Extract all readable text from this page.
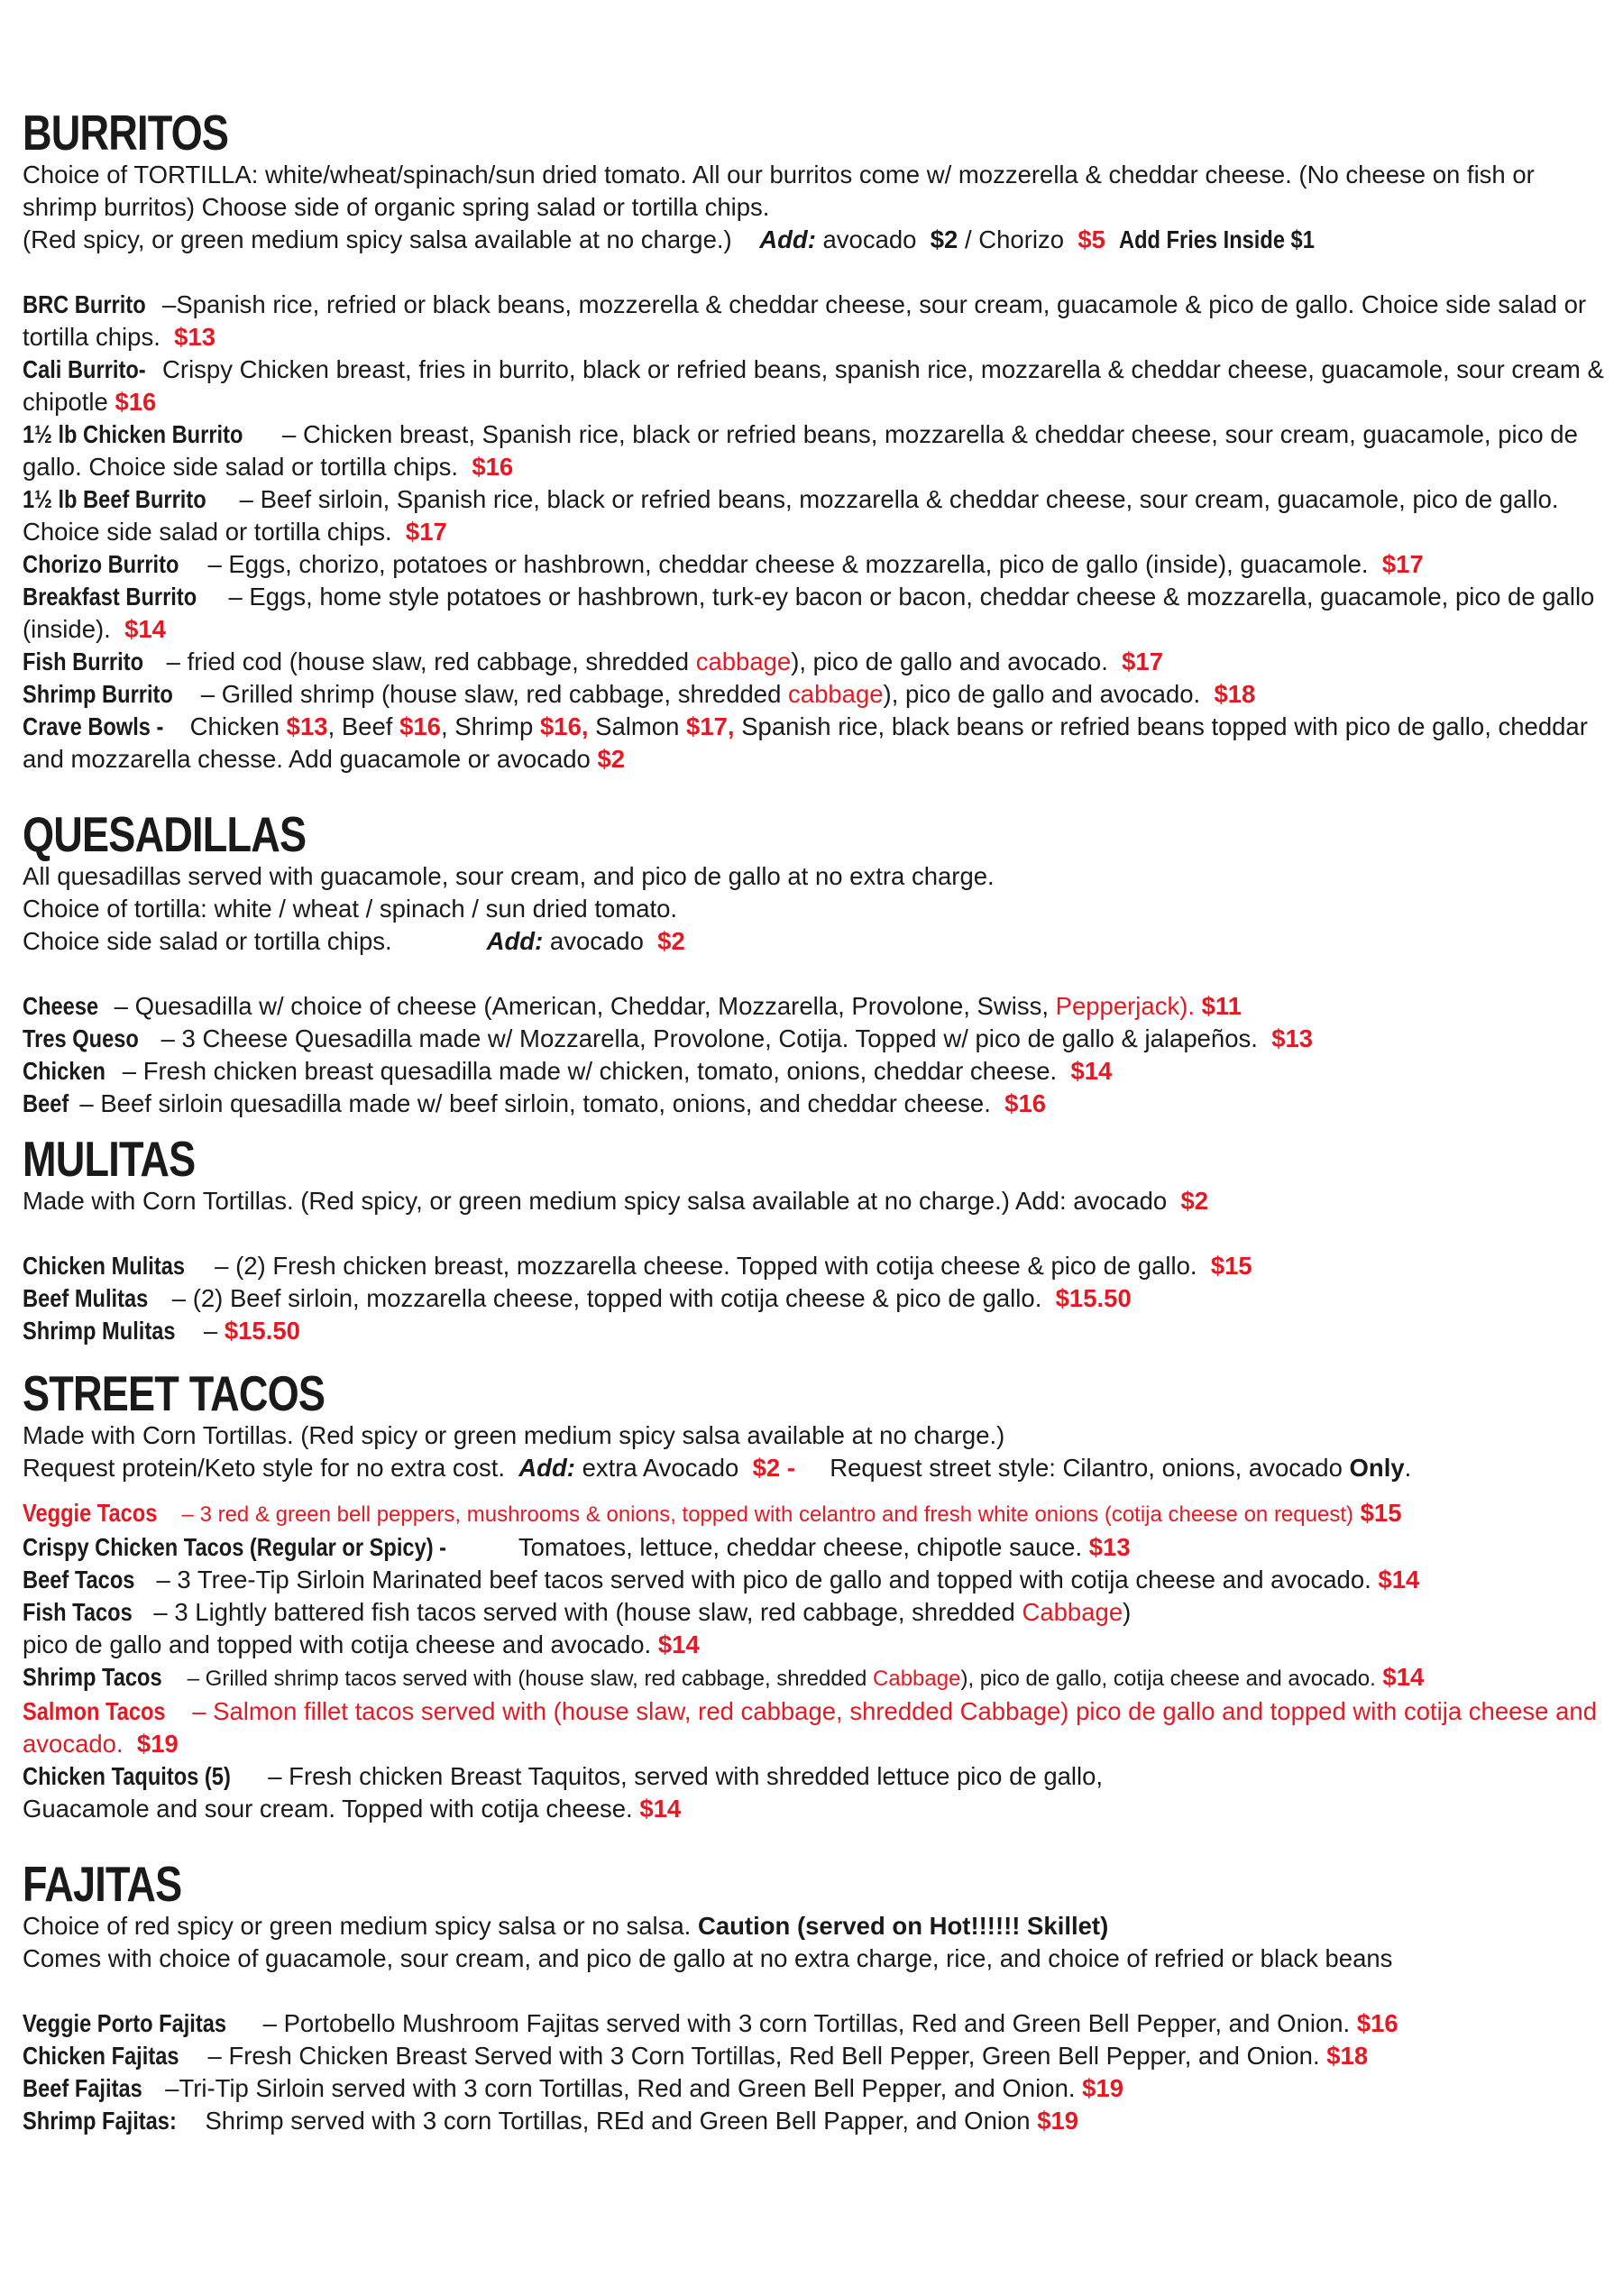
BURRITOS

Choice of TORTILLA: white/wheat/spinach/sun dried tomato. All our burritos come w/ mozzerella & cheddar cheese. (No cheese on fish or shrimp burritos) Choose side of organic spring salad or tortilla chips.

(Red spicy, or green medium spicy salsa available at no charge.) Add: avocado $2 / Chorizo $5 Add Fries Inside $1

BRC Burrito –Spanish rice, refried or black beans, mozzerella & cheddar cheese, sour cream, guacamole & pico de gallo. Choice side salad or tortilla chips. $13

Cali Burrito- Crispy Chicken breast, fries in burrito, black or refried beans, spanish rice, mozzarella & cheddar cheese, guacamole, sour cream & chipotle $16

1½ lb Chicken Burrito – Chicken breast, Spanish rice, black or refried beans, mozzarella & cheddar cheese, sour cream, guacamole, pico de gallo. Choice side salad or tortilla chips. $16

1½ lb Beef Burrito – Beef sirloin, Spanish rice, black or refried beans, mozzarella & cheddar cheese, sour cream, guacamole, pico de gallo. Choice side salad or tortilla chips. $17

Chorizo Burrito – Eggs, chorizo, potatoes or hashbrown, cheddar cheese & mozzarella, pico de gallo (inside), guacamole. $17

Breakfast Burrito – Eggs, home style potatoes or hashbrown, turk-ey bacon or bacon, cheddar cheese & mozzarella, guacamole, pico de gallo (inside). $14

Fish Burrito – fried cod (house slaw, red cabbage, shredded cabbage), pico de gallo and avocado. $17

Shrimp Burrito – Grilled shrimp (house slaw, red cabbage, shredded cabbage), pico de gallo and avocado. $18

Crave Bowls - Chicken $13, Beef $16, Shrimp $16, Salmon $17, Spanish rice, black beans or refried beans topped with pico de gallo, cheddar and mozzarella chesse. Add guacamole or avocado $2

QUESADILLAS

All quesadillas served with guacamole, sour cream, and pico de gallo at no extra charge.

Choice of tortilla: white / wheat / spinach / sun dried tomato.

Choice side salad or tortilla chips.	Add: avocado $2

Cheese – Quesadilla w/ choice of cheese (American, Cheddar, Mozzarella, Provolone, Swiss, Pepperjack). $11

Tres Queso – 3 Cheese Quesadilla made w/ Mozzarella, Provolone, Cotija. Topped w/ pico de gallo & jalapeños. $13

Chicken – Fresh chicken breast quesadilla made w/ chicken, tomato, onions, cheddar cheese. $14

Beef – Beef sirloin quesadilla made w/ beef sirloin, tomato, onions, and cheddar cheese. $16

MULITAS

Made with Corn Tortillas. (Red spicy, or green medium spicy salsa available at no charge.) Add: avocado $2

Chicken Mulitas – (2) Fresh chicken breast, mozzarella cheese. Topped with cotija cheese & pico de gallo. $15

Beef Mulitas – (2) Beef sirloin, mozzarella cheese, topped with cotija cheese & pico de gallo. $15.50

Shrimp Mulitas – $15.50

STREET TACOS

Made with Corn Tortillas. (Red spicy or green medium spicy salsa available at no charge.)

Request protein/Keto style for no extra cost. Add: extra Avocado $2 - Request street style: Cilantro, onions, avocado Only.

Veggie Tacos – 3 red & green bell peppers, mushrooms & onions, topped with celantro and fresh white onions (cotija cheese on request) $15

Crispy Chicken Tacos (Regular or Spicy) -	Tomatoes, lettuce, cheddar cheese, chipotle sauce. $13

Beef Tacos – 3 Tree-Tip Sirloin Marinated beef tacos served with pico de gallo and topped with cotija cheese and avocado. $14

Fish Tacos – 3 Lightly battered fish tacos served with (house slaw, red cabbage, shredded Cabbage)
pico de gallo and topped with cotija cheese and avocado. $14

Shrimp Tacos – Grilled shrimp tacos served with (house slaw, red cabbage, shredded Cabbage), pico de gallo, cotija cheese and avocado. $14

Salmon Tacos – Salmon fillet tacos served with (house slaw, red cabbage, shredded Cabbage) pico de gallo and topped with cotija cheese and avocado. $19

Chicken Taquitos (5) – Fresh chicken Breast Taquitos, served with shredded lettuce pico de gallo,
Guacamole and sour cream. Topped with cotija cheese. $14

FAJITAS

Choice of red spicy or green medium spicy salsa or no salsa. Caution (served on Hot!!!!!! Skillet)

Comes with choice of guacamole, sour cream, and pico de gallo at no extra charge, rice, and choice of refried or black beans

Veggie Porto Fajitas – Portobello Mushroom Fajitas served with 3 corn Tortillas, Red and Green Bell Pepper, and Onion. $16

Chicken Fajitas – Fresh Chicken Breast Served with 3 Corn Tortillas, Red Bell Pepper, Green Bell Pepper, and Onion. $18

Beef Fajitas –Tri-Tip Sirloin served with 3 corn Tortillas, Red and Green Bell Pepper, and Onion. $19

Shrimp Fajitas: Shrimp served with 3 corn Tortillas, REd and Green Bell Papper, and Onion $19
